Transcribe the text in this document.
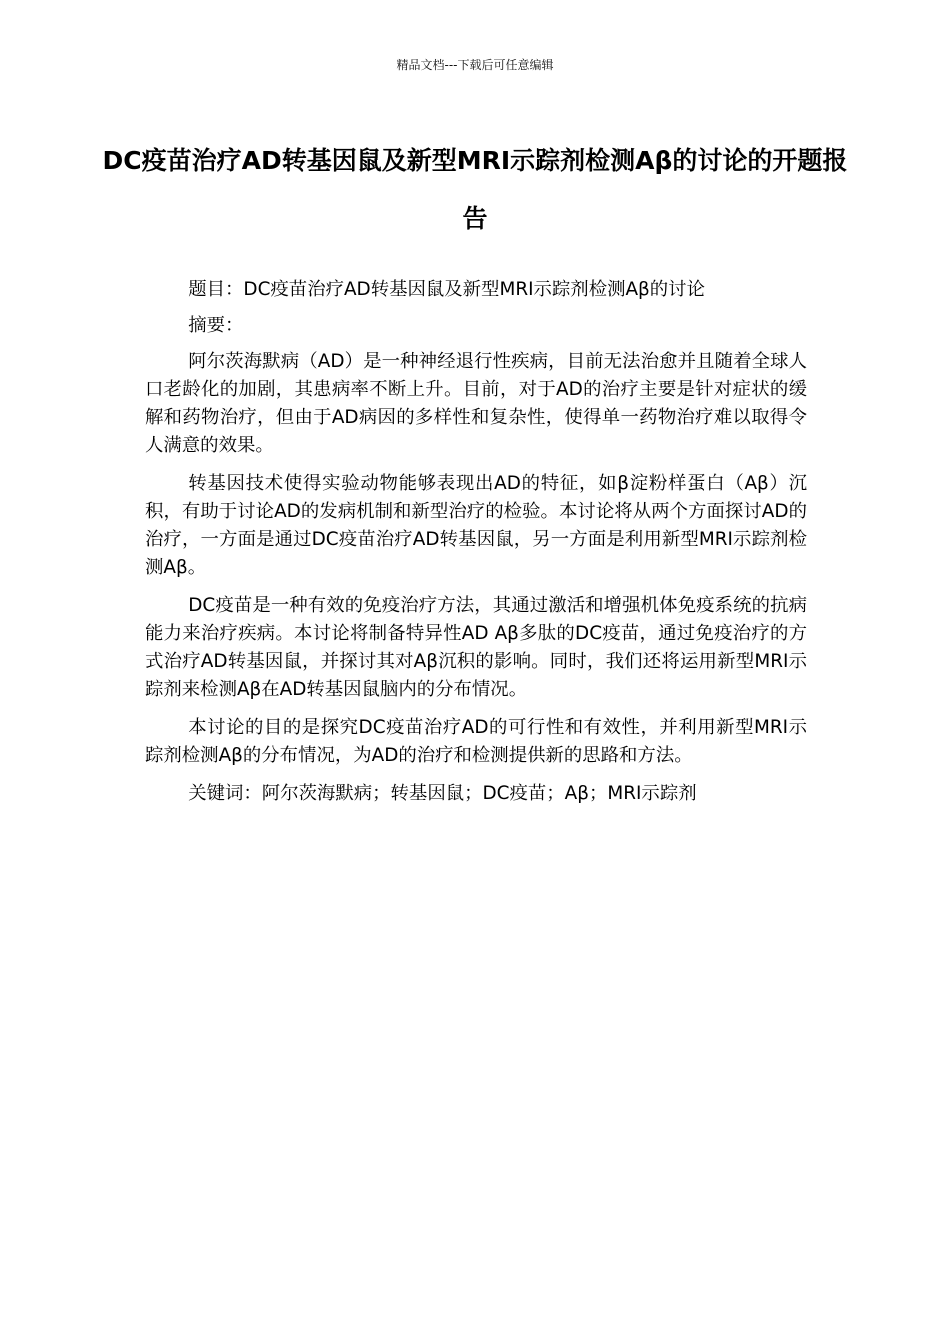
精品文档---下载后可任意编辑
DC疫苗治疗AD转基因鼠及新型MRI示踪剂检测Aβ的讨论的开题报告

题目：DC疫苗治疗AD转基因鼠及新型MRI示踪剂检测Aβ的讨论

摘要：

阿尔茨海默病（AD）是一种神经退行性疾病，目前无法治愈并且随着全球人口老龄化的加剧，其患病率不断上升。目前，对于AD的治疗主要是针对症状的缓解和药物治疗，但由于AD病因的多样性和复杂性，使得单一药物治疗难以取得令人满意的效果。

转基因技术使得实验动物能够表现出AD的特征，如β淀粉样蛋白（Aβ）沉积，有助于讨论AD的发病机制和新型治疗的检验。本讨论将从两个方面探讨AD的治疗，一方面是通过DC疫苗治疗AD转基因鼠，另一方面是利用新型MRI示踪剂检测Aβ。

DC疫苗是一种有效的免疫治疗方法，其通过激活和增强机体免疫系统的抗病能力来治疗疾病。本讨论将制备特异性AD Aβ多肽的DC疫苗，通过免疫治疗的方式治疗AD转基因鼠，并探讨其对Aβ沉积的影响。同时，我们还将运用新型MRI示踪剂来检测Aβ在AD转基因鼠脑内的分布情况。

本讨论的目的是探究DC疫苗治疗AD的可行性和有效性，并利用新型MRI示踪剂检测Aβ的分布情况，为AD的治疗和检测提供新的思路和方法。

关键词：阿尔茨海默病；转基因鼠；DC疫苗；Aβ；MRI示踪剂
